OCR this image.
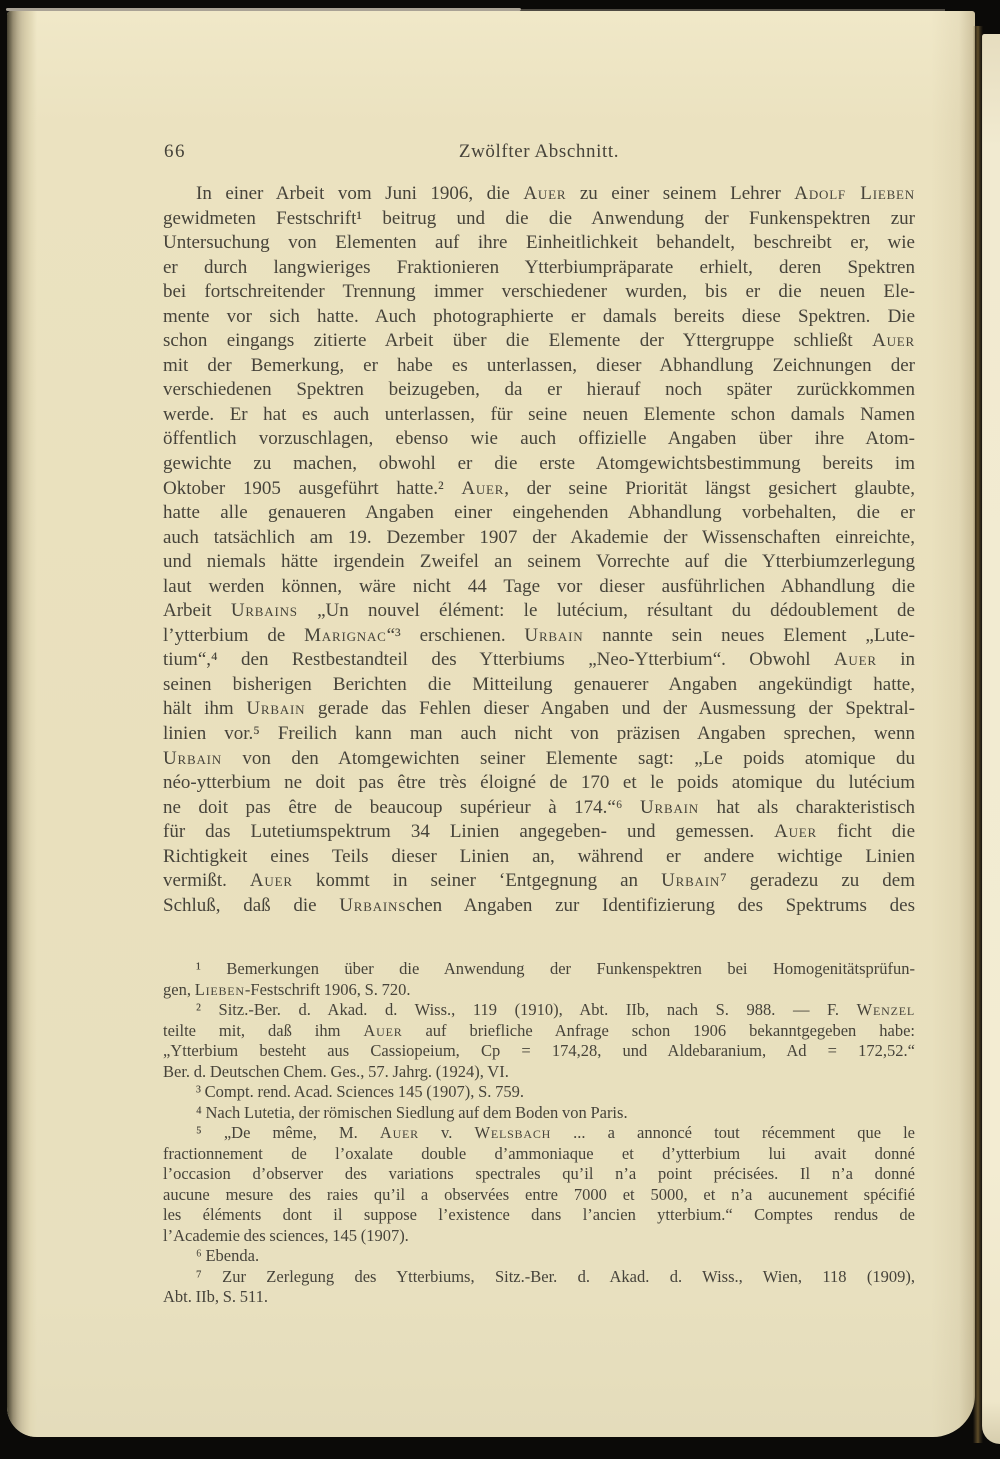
66	Zwölfter Abschnitt.
In einer Arbeit vom Juni 1906, die Auer zu einer seinem Lehrer Adolf Lieben
gewidmeten Festschrift¹ beitrug und die die Anwendung der Funkenspektren zur
Untersuchung von Elementen auf ihre Einheitlichkeit behandelt, beschreibt er, wie
er durch langwieriges Fraktionieren Ytterbiumpräparate erhielt, deren Spektren
bei fortschreitender Trennung immer verschiedener wurden, bis er die neuen Ele-
mente vor sich hatte. Auch photographierte er damals bereits diese Spektren. Die
schon eingangs zitierte Arbeit über die Elemente der Yttergruppe schließt Auer
mit der Bemerkung, er habe es unterlassen, dieser Abhandlung Zeichnungen der
verschiedenen Spektren beizugeben, da er hierauf noch später zurückkommen
werde. Er hat es auch unterlassen, für seine neuen Elemente schon damals Namen
öffentlich vorzuschlagen, ebenso wie auch offizielle Angaben über ihre Atom-
gewichte zu machen, obwohl er die erste Atomgewichtsbestimmung bereits im
Oktober 1905 ausgeführt hatte.² Auer, der seine Priorität längst gesichert glaubte,
hatte alle genaueren Angaben einer eingehenden Abhandlung vorbehalten, die er
auch tatsächlich am 19. Dezember 1907 der Akademie der Wissenschaften einreichte,
und niemals hätte irgendein Zweifel an seinem Vorrechte auf die Ytterbiumzerlegung
laut werden können, wäre nicht 44 Tage vor dieser ausführlichen Abhandlung die
Arbeit Urbains „Un nouvel élément: le lutécium, résultant du dédoublement de
l’ytterbium de Marignac“³ erschienen. Urbain nannte sein neues Element „Lute-
tium“,⁴ den Restbestandteil des Ytterbiums „Neo-Ytterbium“. Obwohl Auer in
seinen bisherigen Berichten die Mitteilung genauerer Angaben angekündigt hatte,
hält ihm Urbain gerade das Fehlen dieser Angaben und der Ausmessung der Spektral-
linien vor.⁵ Freilich kann man auch nicht von präzisen Angaben sprechen, wenn
Urbain von den Atomgewichten seiner Elemente sagt: „Le poids atomique du
néo-ytterbium ne doit pas être très éloigné de 170 et le poids atomique du lutécium
ne doit pas être de beaucoup supérieur à 174.“⁶ Urbain hat als charakteristisch
für das Lutetiumspektrum 34 Linien angegeben- und gemessen. Auer ficht die
Richtigkeit eines Teils dieser Linien an, während er andere wichtige Linien
vermißt. Auer kommt in seiner ‘Entgegnung an Urbain⁷ geradezu zu dem
Schluß, daß die Urbainschen Angaben zur Identifizierung des Spektrums des
¹ Bemerkungen über die Anwendung der Funkenspektren bei Homogenitätsprüfun-
gen, Lieben-Festschrift 1906, S. 720.
² Sitz.-Ber. d. Akad. d. Wiss., 119 (1910), Abt. IIb, nach S. 988. — F. Wenzel
teilte mit, daß ihm Auer auf briefliche Anfrage schon 1906 bekanntgegeben habe:
„Ytterbium besteht aus Cassiopeium, Cp = 174,28, und Aldebaranium, Ad = 172,52.“
Ber. d. Deutschen Chem. Ges., 57. Jahrg. (1924), VI.
³ Compt. rend. Acad. Sciences 145 (1907), S. 759.
⁴ Nach Lutetia, der römischen Siedlung auf dem Boden von Paris.
⁵ „De même, M. Auer v. Welsbach ... a annoncé tout récemment que le
fractionnement de l’oxalate double d’ammoniaque et d’ytterbium lui avait donné
l’occasion d’observer des variations spectrales qu’il n’a point précisées. Il n’a donné
aucune mesure des raies qu’il a observées entre 7000 et 5000, et n’a aucunement spécifié
les éléments dont il suppose l’existence dans l’ancien ytterbium.“ Comptes rendus de
l’Academie des sciences, 145 (1907).
⁶ Ebenda.
⁷ Zur Zerlegung des Ytterbiums, Sitz.-Ber. d. Akad. d. Wiss., Wien, 118 (1909),
Abt. IIb, S. 511.
